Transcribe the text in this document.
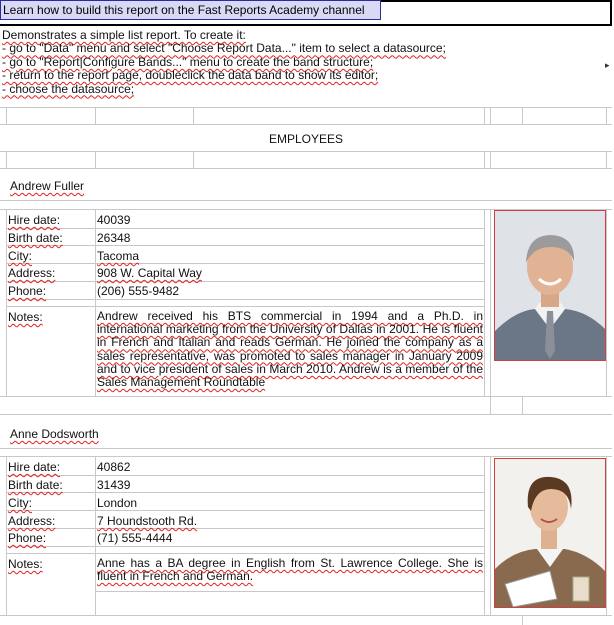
Learn how to build this report on the Fast Reports Academy channel
Demonstrates a simple list report. To create it:
- go to "Data" menu and select "Choose Report Data..." item to select a datasource;
- go to "Report|Configure Bands..." menu to create the band structure;
- return to the report page, doubleclick the data band to show its editor;
- choose the datasource;
▸
EMPLOYEES
Andrew Fuller
Hire date:	40039
Birth date:	26348
City:	Tacoma
Address:	908 W. Capital Way
Phone:	(206) 555-9482
Notes:	Andrew received his BTS commercial in 1994 and a Ph.D. in international marketing from the University of Dallas in 2001. He is fluent in French and Italian and reads German. He joined the company as a sales representative, was promoted to sales manager in January 2009 and to vice president of sales in March 2010. Andrew is a member of the Sales Management Roundtable
Anne Dodsworth
Hire date:	40862
Birth date:	31439
City:	London
Address:	7 Houndstooth Rd.
Phone:	(71) 555-4444
Notes:	Anne has a BA degree in English from St. Lawrence College. She is fluent in French and German.
